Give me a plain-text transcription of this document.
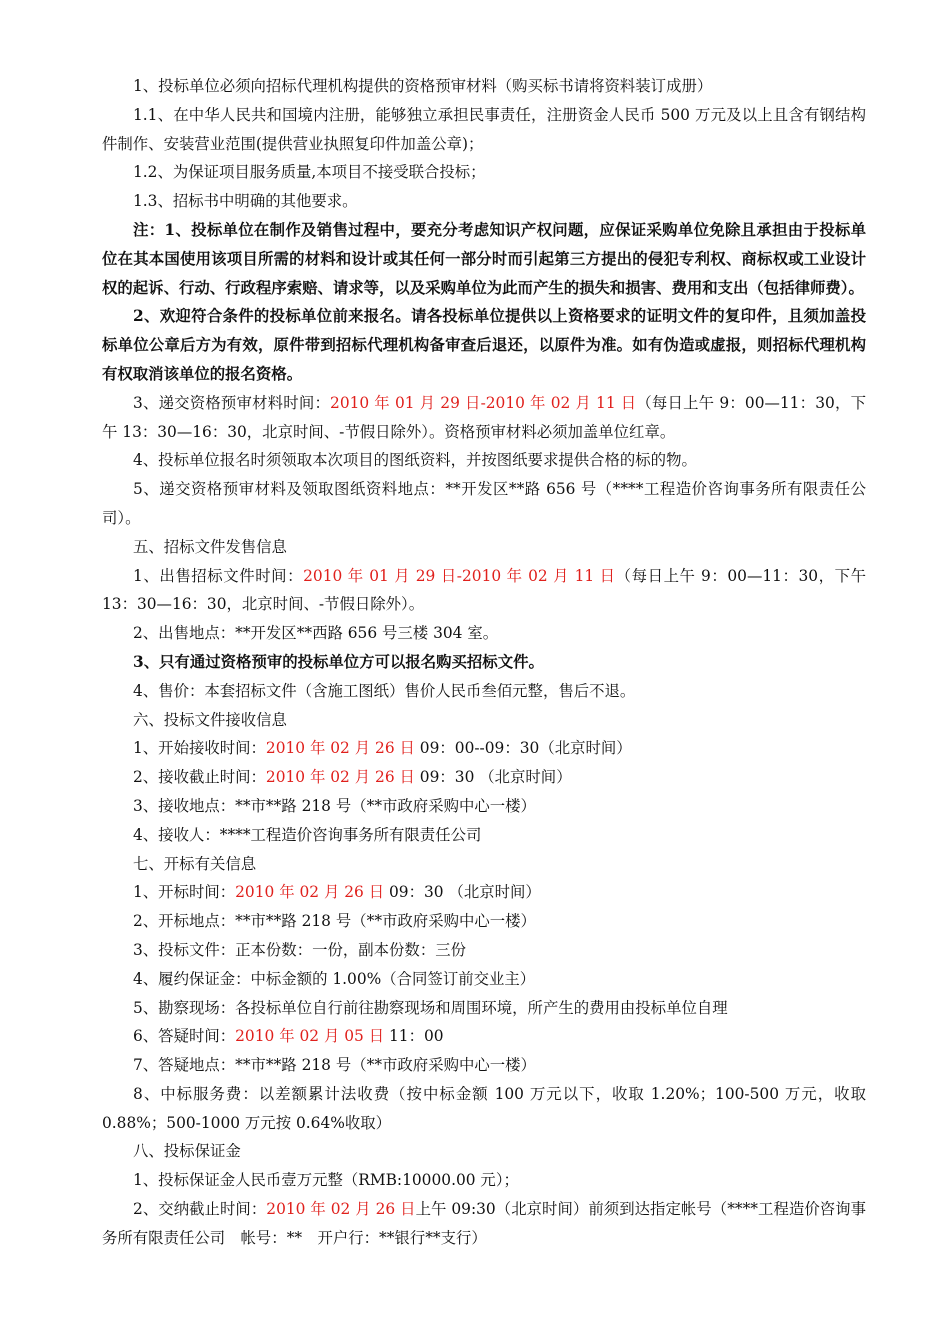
1、投标单位必须向招标代理机构提供的资格预审材料（购买标书请将资料装订成册）

1.1、在中华人民共和国境内注册，能够独立承担民事责任，注册资金人民币 500 万元及以上且含有钢结构件制作、安装营业范围(提供营业执照复印件加盖公章)；

1.2、为保证项目服务质量,本项目不接受联合投标；

1.3、招标书中明确的其他要求。

注：1、投标单位在制作及销售过程中，要充分考虑知识产权问题，应保证采购单位免除且承担由于投标单位在其本国使用该项目所需的材料和设计或其任何一部分时而引起第三方提出的侵犯专利权、商标权或工业设计权的起诉、行动、行政程序索赔、请求等，以及采购单位为此而产生的损失和损害、费用和支出（包括律师费）。

2、欢迎符合条件的投标单位前来报名。请各投标单位提供以上资格要求的证明文件的复印件，且须加盖投标单位公章后方为有效，原件带到招标代理机构备审查后退还，以原件为准。如有伪造或虚报，则招标代理机构有权取消该单位的报名资格。

3、递交资格预审材料时间：2010 年 01 月 29 日-2010 年 02 月 11 日（每日上午 9：00—11：30，下午 13：30—16：30，北京时间、-节假日除外）。资格预审材料必须加盖单位红章。

4、投标单位报名时须领取本次项目的图纸资料，并按图纸要求提供合格的标的物。

5、递交资格预审材料及领取图纸资料地点：**开发区**路 656 号（****工程造价咨询事务所有限责任公司）。

五、招标文件发售信息

1、出售招标文件时间：2010 年 01 月 29 日-2010 年 02 月 11 日（每日上午 9：00—11：30，下午 13：30—16：30，北京时间、-节假日除外）。

2、出售地点：**开发区**西路 656 号三楼 304 室。

3、只有通过资格预审的投标单位方可以报名购买招标文件。

4、售价：本套招标文件（含施工图纸）售价人民币叁佰元整，售后不退。

六、投标文件接收信息

1、开始接收时间：2010 年 02 月 26 日 09：00--09：30（北京时间）

2、接收截止时间：2010 年 02 月 26 日 09：30 （北京时间）

3、接收地点：**市**路 218 号（**市政府采购中心一楼）

4、接收人：****工程造价咨询事务所有限责任公司

七、开标有关信息

1、开标时间：2010 年 02 月 26 日 09：30 （北京时间）

2、开标地点：**市**路 218 号（**市政府采购中心一楼）

3、投标文件：正本份数：一份，副本份数：三份

4、履约保证金：中标金额的 1.00%（合同签订前交业主）

5、勘察现场：各投标单位自行前往勘察现场和周围环境，所产生的费用由投标单位自理

6、答疑时间：2010 年 02 月 05 日 11：00

7、答疑地点：**市**路 218 号（**市政府采购中心一楼）

8、中标服务费：以差额累计法收费（按中标金额 100 万元以下，收取 1.20%；100-500 万元，收取 0.88%；500-1000 万元按 0.64%收取）

八、投标保证金

1、投标保证金人民币壹万元整（RMB:10000.00 元）；

2、交纳截止时间：2010 年 02 月 26 日上午 09:30（北京时间）前须到达指定帐号（****工程造价咨询事务所有限责任公司　帐号：**　开户行：**银行**支行）
